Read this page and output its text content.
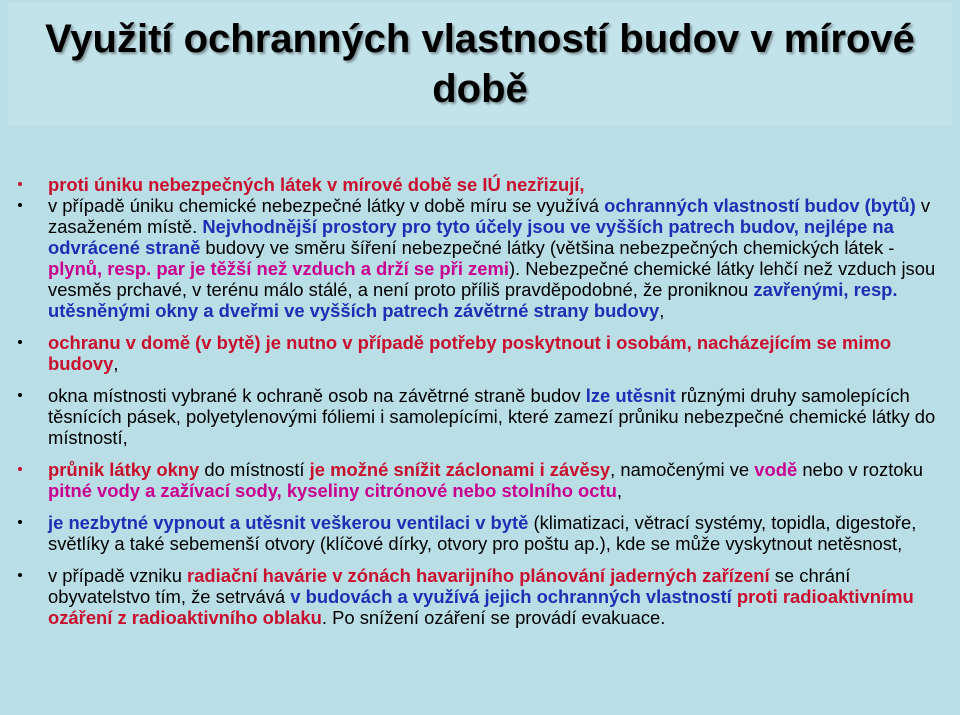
Využití ochranných vlastností budov v mírové době
proti úniku nebezpečných látek v mírové době se IÚ nezřizují,
v případě úniku chemické nebezpečné látky v době míru se využívá ochranných vlastností budov (bytů) v zasaženém místě. Nejvhodnější prostory pro tyto účely jsou ve vyšších patrech budov, nejlépe na odvrácené straně budovy ve směru šíření nebezpečné látky (většina nebezpečných chemických látek - plynů, resp. par je těžší než vzduch a drží se při zemi). Nebezpečné chemické látky lehčí než vzduch jsou vesměs prchavé, v terénu málo stálé, a není proto příliš pravděpodobné, že proniknou zavřenými, resp. utěsněnými okny a dveřmi ve vyšších patrech závětrné strany budovy,
ochranu v domě (v bytě) je nutno v případě potřeby poskytnout i osobám, nacházejícím se mimo budovy,
okna místnosti vybrané k ochraně osob na závětrné straně budov lze utěsnit různými druhy samolepících těsnících pásek, polyetylenovými fóliemi i samolepícími, které zamezí průniku nebezpečné chemické látky do místností,
průnik látky okny do místností je možné snížit záclonami i závěsy, namočenými ve vodě nebo v roztoku pitné vody a zažívací sody, kyseliny citrónové nebo stolního octu,
je nezbytné vypnout a utěsnit veškerou ventilaci v bytě (klimatizaci, větrací systémy, topidla, digestoře, světlíky a také sebemenší otvory (klíčové dírky, otvory pro poštu ap.), kde se může vyskytnout netěsnost,
v případě vzniku radiační havárie v zónách havarijního plánování jaderných zařízení se chrání obyvatelstvo tím, že setrvává v budovách a využívá jejich ochranných vlastností proti radioaktivnímu ozáření z radioaktivního oblaku. Po snížení ozáření se provádí evakuace.
